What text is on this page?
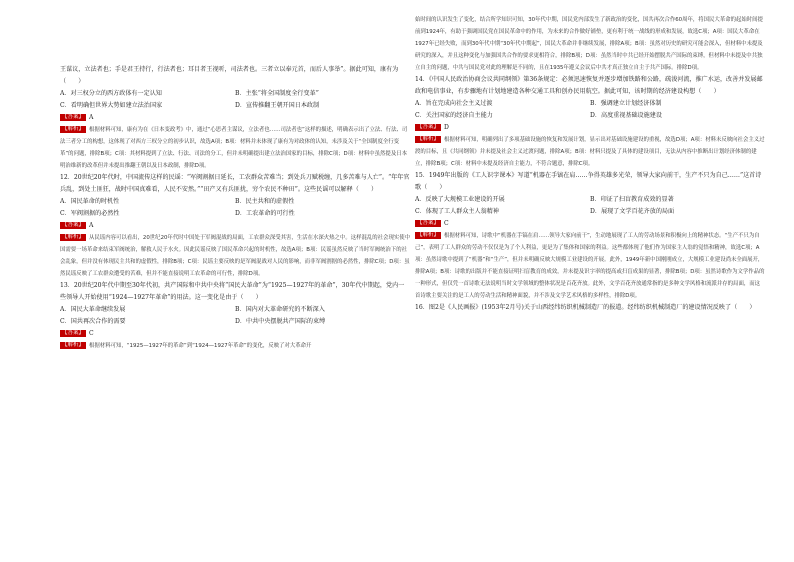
王谋议，立法者也；手是君王持行，行法者也；耳目者王视听，司法者也。三者立以奉元首，而后人事举”。据此可知，康有为（　　）

A．对三权分立的西方政体有一定认知	B．主张“将全国制度全行变革”
C．看明确但世界大势如建立法治国家	D．宣传推翻王朝开国日本政制

【答案】 A

【解析】 根据材料可知，康有为在《日本变政考》中，通过“心思者主谋议，立法者也……司法者也”这样的描述，明确表示出了立法、行法、司法三者分工的构想，这体现了对西方三权分立的初步认识，故选A项；B项：材料并未体现了康有为对政体的认知，未涉及关于“全国制度全行变革”的问题，排除B项；C项：其材料提到了立法、行法、司法的分工，但并未明确提出建立法治国家的目标，排除C项；D项：材料中虽然提及日本明治维新的改革但并未提出推翻王朝以及日本政制，排除D项。

12．20世纪20年代时，中国流传这样的民谣：“军阀割据日延长，工农群众苦难当；到处兵刀赋税缠，几多苦难与人亡”。“年年官兵乱，到处土匪狂，战时中国真难看，人民不安然。”“田产又有兵匪扰，穷个农民不种田”。这些民谣可以解释（　　）

A．国民革命的时机性	B．民主共和的虚假性
C．军阀割据的必然性	D．工农革命的可行性

【答案】 A

【解析】 从民谣内容可以看出，20世纪20年代时中国处于军阀混战的局面，工农群众深受其害，生活在水深火热之中。这样混乱的社会现实使中国需要一场革命来结束军阀统治，解救人民于水火。因此民谣反映了国民革命兴起的时机性，故选A项；B项：民谣虽然反映了当时军阀统治下的社会乱象，但并没有体现民主共和的虚假性，排除B项；C项：民谣主要反映的是军阀混战对人民的影响，而非军阀割据的必然性，排除C项；D项：虽然民谣反映了工农群众遭受的苦难，但并不能直接说明工农革命的可行性，排除D项。

13．20世纪20年代中期至30年代初，共产国际和中共中央将“国民大革命”为“1925—1927年的革命”，30年代中期起，党内一些领导人开始使用“1924—1927年革命”的用法。这一变化是由于（　　）

A．国民大革命继续发展	B．国内对大革命研究的不断深入
C．国共再次合作的需要	D．中共中央摆脱共产国际的束缚

【答案】 C

【解析】 根据材料可知，“1925—1927年的革命”到“1924—1927年革命”的变化，反映了对大革命开

始时间的认识发生了变化，结合所学知识可知，30年代中期，国民党内部发生了新政治的变化，国共再次合作60周年，将国民大革命的起始时间提前到1924年，有助于强调国民党在国民革命中的作用，为未来的合作做好铺垫，更有利于统一战线的形成和发展，故选C项；A项：国民大革命在1927年已经失败，而到30年代中期“30年代中期起”，国民大革命并非继续发展，排除A项；B项：虽然对历史的研究可能会深入，但材料中未提及研究的深入，并且这种变化与加强国共合作的要求更相符合，排除B项；D项：虽然当时中共已经开始摆脱共产国际的束缚，但材料中未提及中共独立自主的问题，中共与国民党对此的理解是不同的，且在1935年遵义会议后中共才真正独立自主于共产国际。排除D项。

14．《中国人民政治协商会议共同纲领》第36条规定：必须迅速恢复并逐步增加铁路和公路，疏浚河流，推广水运，改善并发展邮政和电信事业，有步骤地有计划地建造各种交通工具和创办民用航空。据此可知，该时期的经济建设构想（　　）

A．旨在完成向社会主义过渡	B．强调建立计划经济体制
C．关注国家的经济自主能力	D．高度重视基础设施建设

【答案】 D

【解析】 根据材料可知，明确列出了多项基础设施的恢复和发展计划，显示出对基础设施建设的重视，故选D项；A项：材料未反映向社会主义过渡的目标，且《共同纲领》并未提及社会主义过渡问题，排除A项；B项：材料只提及了具体的建设项目，无法从内容中推断出计划经济体制的建立，排除B项；C项：材料中未提及经济自主能力，不符合题意，排除C项。

15．1949年出版的《工人识字课本》写道“机器在手镐在肩……争得英雄多光荣，领导大家向前干，生产不只为自己……”这首诗歌（　　）

A．反映了大规模工业建设的开展	B．印证了扫盲教育成效的显著
C．体现了工人群众主人翁精神	D．展现了文学百花齐放的局面

【答案】 C

【解析】 根据材料可知，诗歌中“机器在手镐在肩……领导大家向前干”，生动地展现了工人的劳动场景和积极向上的精神状态。“生产不只为自己”，表明了工人群众的劳动不仅仅是为了个人利益，更是为了集体和国家的利益。这些都体现了他们作为国家主人翁的觉悟和精神，故选C项；A项：虽然诗歌中提到了“机器”和“生产”，但并未明确反映大规模工业建设的开展。此外，1949年新中国刚刚成立，大规模工业建设尚未全面展开，排除A项；B项：诗歌的出版并不能直接证明扫盲教育的成效，并未提及识字率的提高或扫盲成果的显著，排除B项；D项：虽然诗歌作为文学作品的一种形式，但仅凭一首诗歌无法说明当时文学领域的整体状况是百花齐放。此外，文学百花齐放通常指的是多种文学风格和流派并存的局面，而这首诗歌主要关注的是工人的劳动生活和精神面貌，并不涉及文学艺术风格的多样性，排除D项。

16．图2是《人民画报》(1953年2月号)关于山西经纬纺织机械制造厂的报道。经纬纺织机械制造厂的建设情况反映了（　　）
